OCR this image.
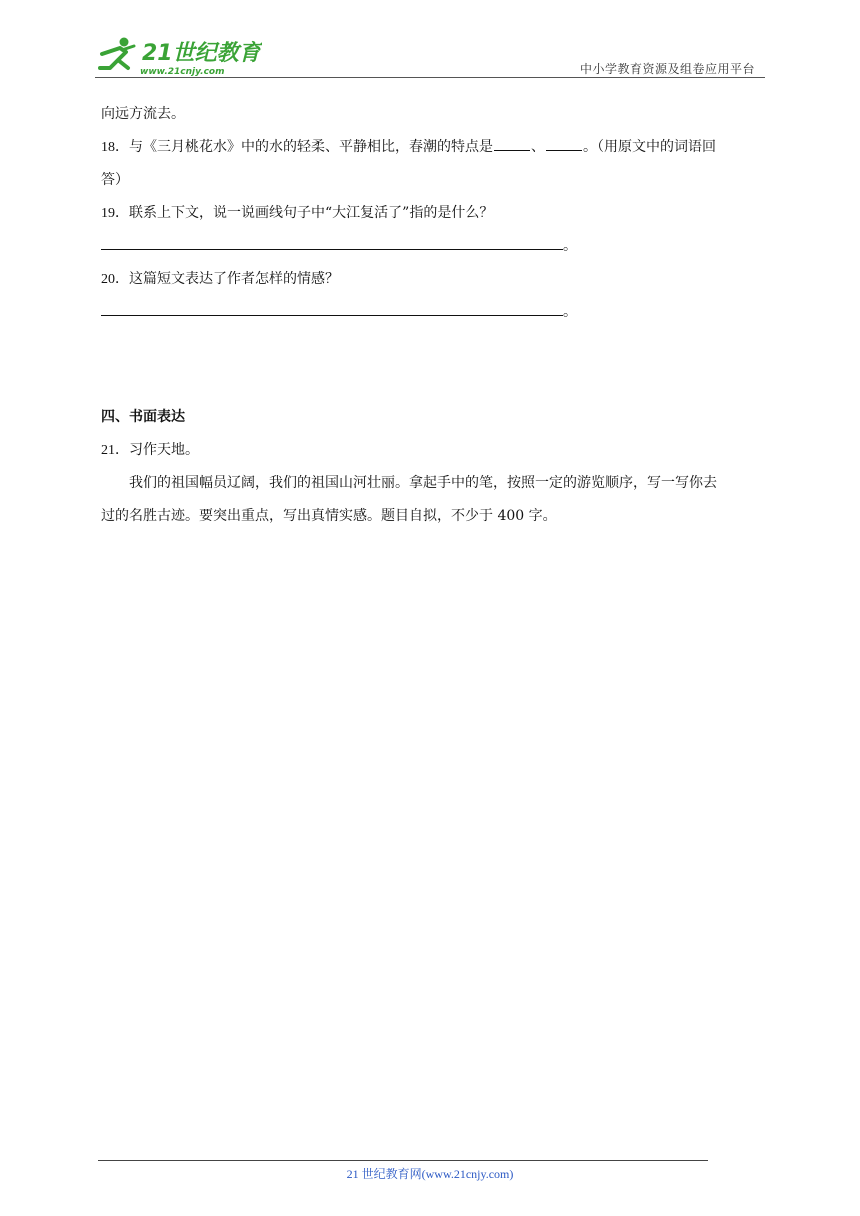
21世纪教育
www.21cnjy.com	中小学教育资源及组卷应用平台
向远方流去。
18．与《三月桃花水》中的水的轻柔、平静相比，春潮的特点是	、	。（用原文中的词语回
答）
19．联系上下文，说一说画线句子中“大江复活了”指的是什么？
。
20．这篇短文表达了作者怎样的情感？
。
四、书面表达
21．习作天地。
我们的祖国幅员辽阔，我们的祖国山河壮丽。拿起手中的笔，按照一定的游览顺序，写一写你去
过的名胜古迹。要突出重点，写出真情实感。题目自拟，不少于 400 字。
21 世纪教育网(www.21cnjy.com)
